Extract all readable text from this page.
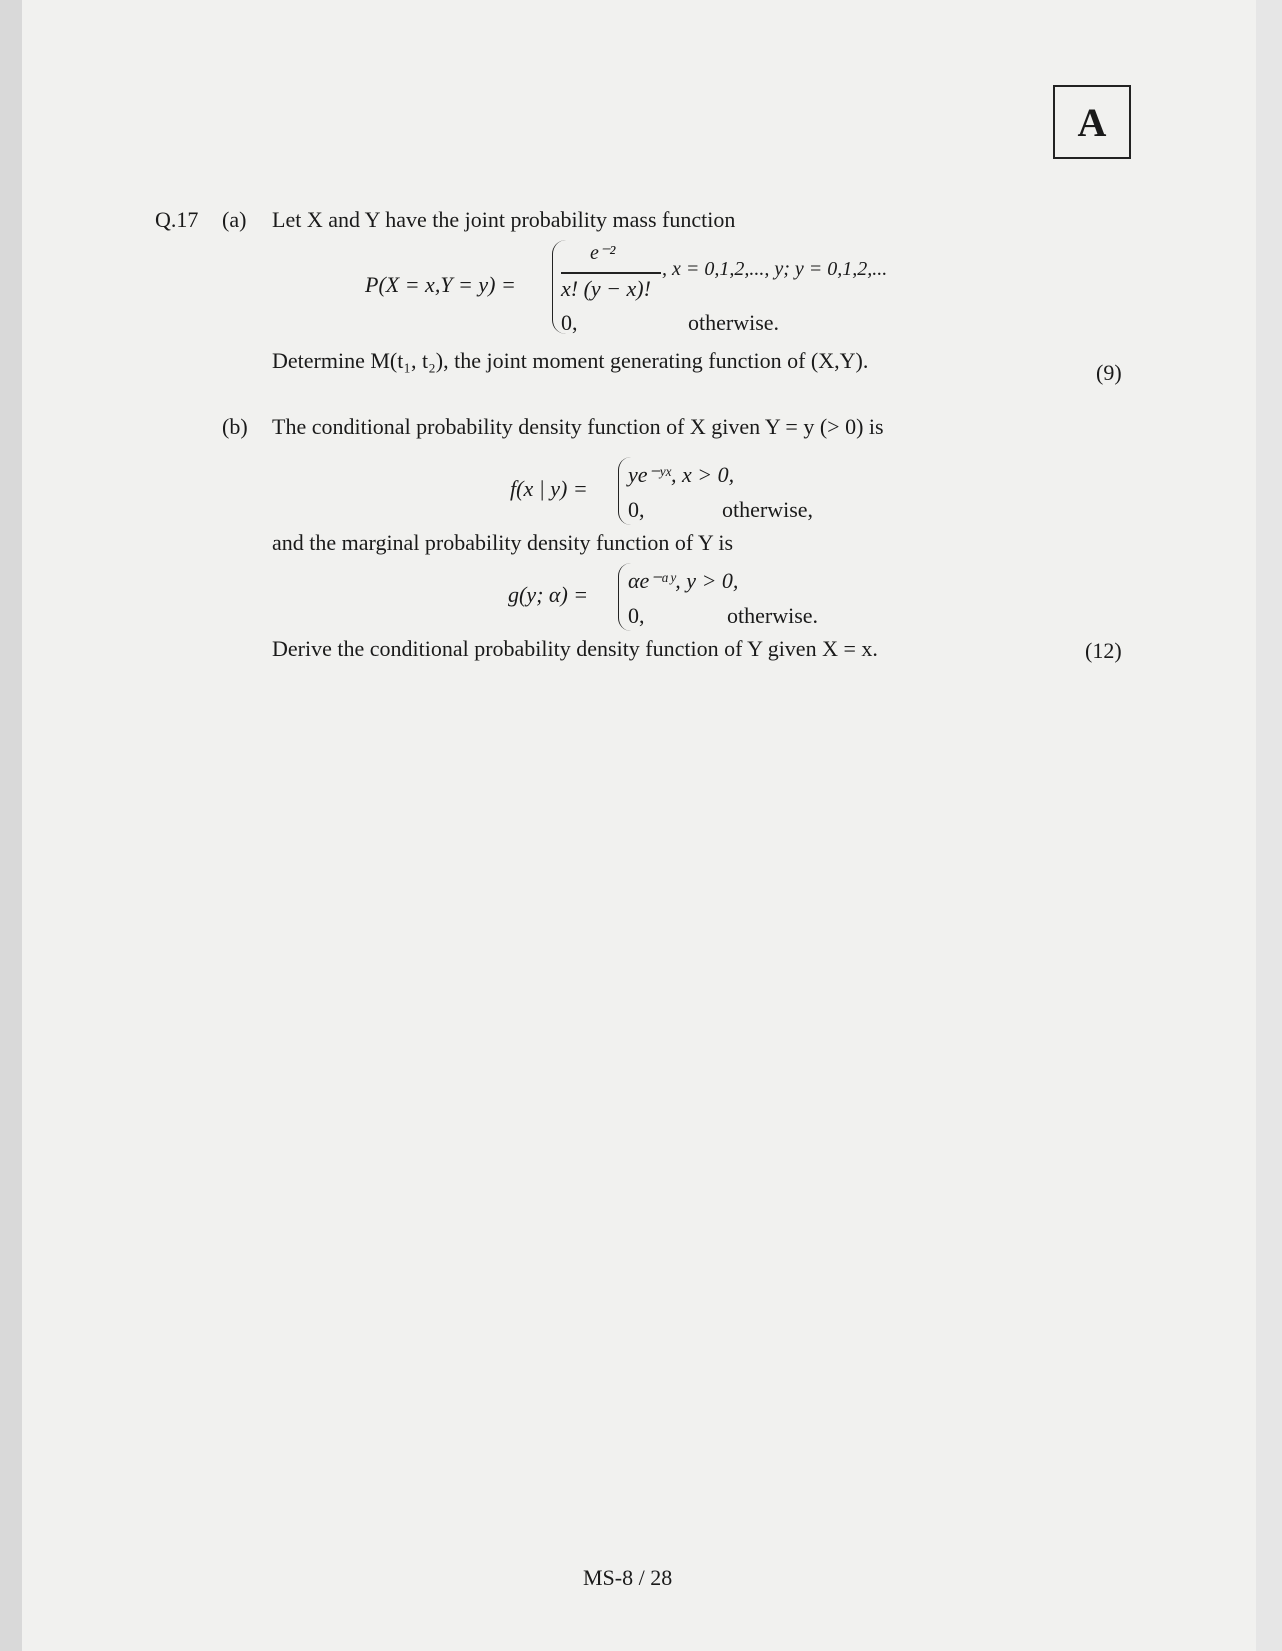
A
Q.17 (a) Let X and Y have the joint probability mass function
P(X = x,Y = y) =
e⁻²
x! (y − x)!
, x = 0,1,2,..., y; y = 0,1,2,...
0,	otherwise.
Determine M(t₁, t₂), the joint moment generating function of (X,Y).	(9)
(b) The conditional probability density function of X given Y = y (> 0) is
f(x | y) =
ye⁻ʸˣ, x > 0,
0,	otherwise,
and the marginal probability density function of Y is
g(y; α) =
αe⁻ᵅʸ, y > 0,
0,	otherwise.
Derive the conditional probability density function of Y given X = x.	(12)
MS-8 / 28
